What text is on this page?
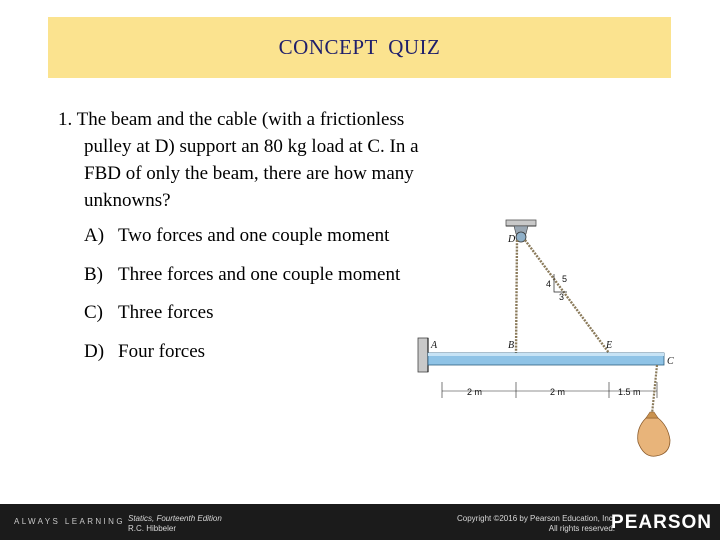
CONCEPT QUIZ

1. The beam and the cable (with a frictionless

pulley at D) support an 80 kg load at C. In a

FBD of only the beam, there are how many

unknowns?

A) Two forces and one couple moment
B) Three forces and one couple moment
C) Three forces
D) Four forces
D
4 5
3
A	B	E
C
2 m	2 m	1.5 m
ALWAYS LEARNING Statics, Fourteenth Edition
R.C. Hibbeler
Copyright ©2016 by Pearson Education, Inc.
All rights reserved.
PEARSON
